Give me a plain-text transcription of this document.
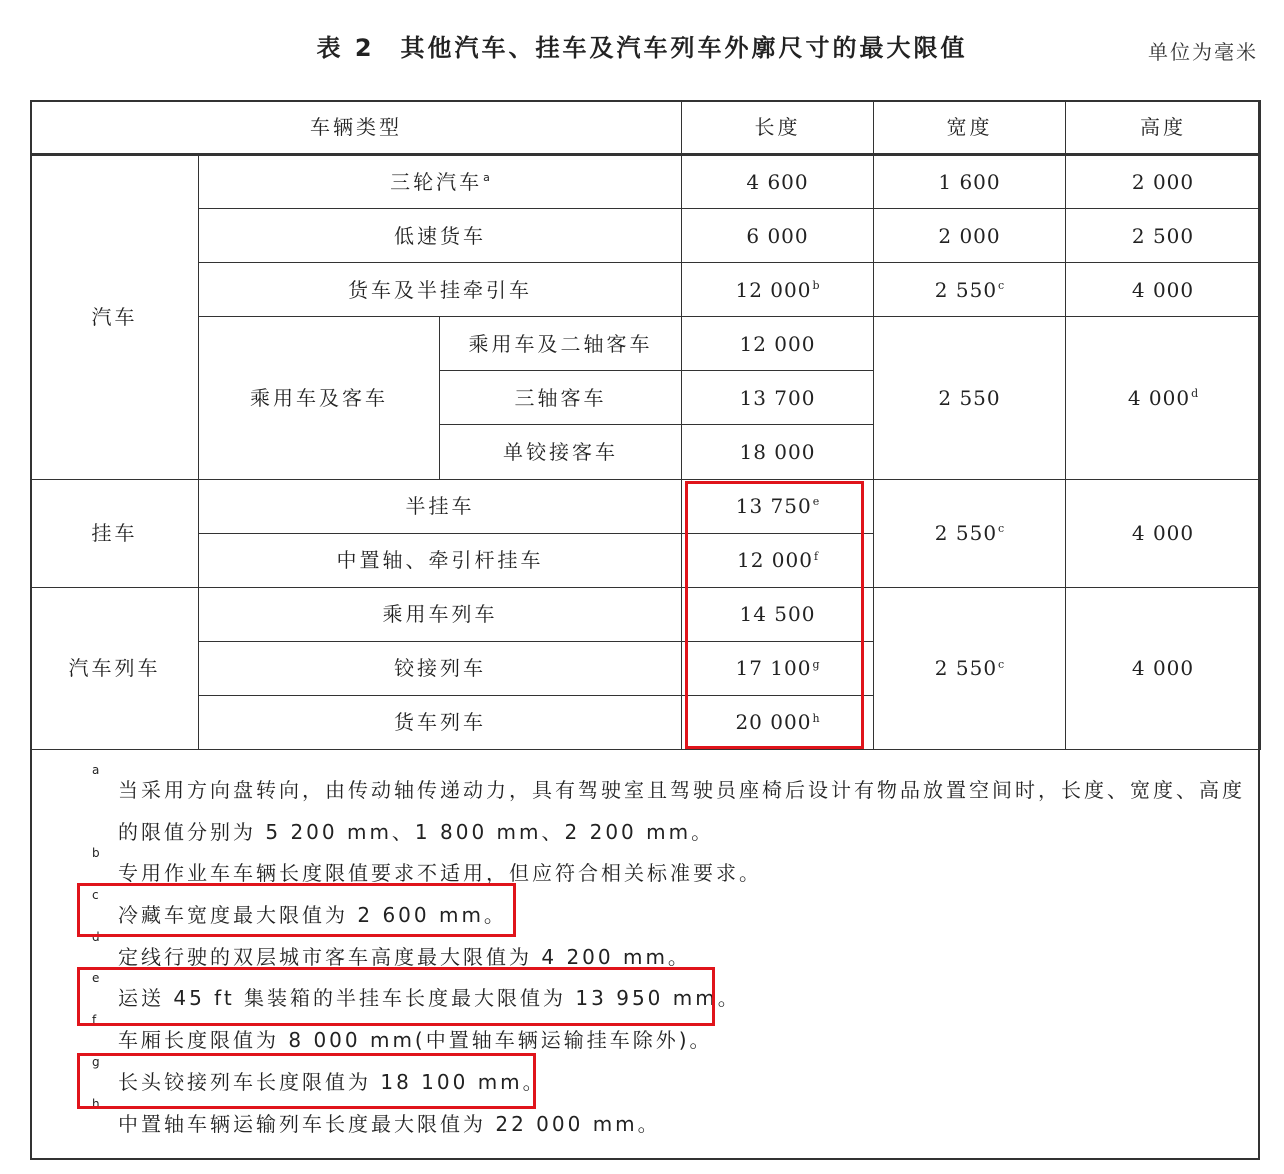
表 2 其他汽车、挂车及汽车列车外廓尺寸的最大限值	单位为毫米
车辆类型			长度	宽度	高度
汽车	三轮汽车$^a$		4 600	1 600	2 000
	低速货车		6 000	2 000	2 500
	货车及半挂牵引车		12 000$^b$	2 550$^c$	4 000
	乘用车及客车	乘用车及二轴客车	12 000	2 550	4 000$^d$
		三轴客车	13 700		
		单铰接客车	18 000		
挂车	半挂车		13 750e	2 550$^c$	4 000
	中置轴、牵引杆挂车		12 000$^f$
汽车列车	乘用车列车		14 500	2 550$^c$	4 000
	铰接列车		17 100$^g$
	货车列车		20 000$^h$
a
当采用方向盘转向，由传动轴传递动力，具有驾驶室且驾驶员座椅后设计有物品放置空间时，长度、宽度、高度
的限值分别为 5 200 mm、1 800 mm、2 200 mm。
b
专用作业车车辆长度限值要求不适用，但应符合相关标准要求。
c
冷藏车宽度最大限值为 2 600 mm。
d
定线行驶的双层城市客车高度最大限值为 4 200 mm。
e
运送 45 ft 集装箱的半挂车长度最大限值为 13 950 mm。
f
车厢长度限值为 8 000 mm(中置轴车辆运输挂车除外)。
g
长头铰接列车长度限值为 18 100 mm。
h
中置轴车辆运输列车长度最大限值为 22 000 mm。
